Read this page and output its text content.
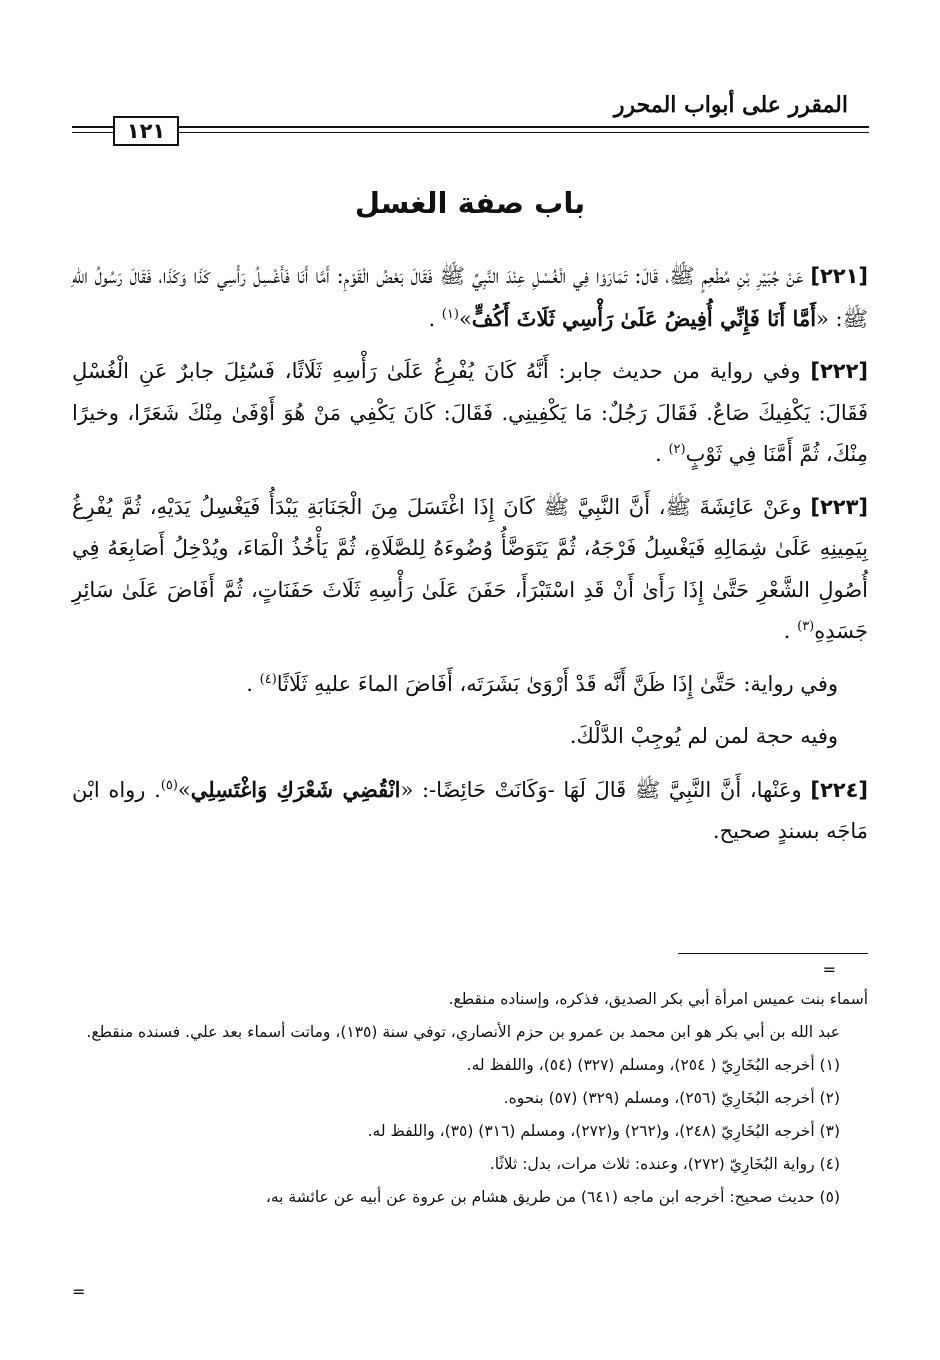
المقرر على أبواب المحرر
١٢١
باب صفة الغسل

[٢٢١] عَنْ جُبَيْرِ بْنِ مُطْعِمٍ ﷺ، قَالَ: تَمَارَوْا فِي الْغُسْلِ عِنْدَ النَّبِيِّ ﷺ فَقَالَ بَعْضُ الْقَوْمِ: أَمَّا أَنَا فَأَغْسِلُ رَأْسِي كَذَا وَكَذَا، فَقَالَ رَسُولُ اللهِ ﷺ: «أَمَّا أَنَا فَإِنِّي أُفِيضُ عَلَىٰ رَأْسِي ثَلَاثَ أَكُفٍّ»$^{(١)}$ .

[٢٢٢] وفي رواية من حديث جابر: أَنَّهُ كَانَ يُفْرِغُ عَلَىٰ رَأْسِهِ ثَلَاثًا، فَسُئِلَ جابرٌ عَنِ الْغُسْلِ فَقَالَ: يَكْفِيكَ صَاعٌ. فَقَالَ رَجُلٌ: مَا يَكْفِينِي. فَقَالَ: كَانَ يَكْفِي مَنْ هُوَ أَوْفَىٰ مِنْكَ شَعَرًا، وخيرًا مِنْكَ، ثُمَّ أَمَّنَا فِي ثَوْبٍ$^{(٢)}$ .

[٢٢٣] وعَنْ عَائِشَةَ ﷺ، أَنَّ النَّبِيَّ ﷺ كَانَ إِذَا اغْتَسَلَ مِنَ الْجَنَابَةِ يَبْدَأُ فَيَغْسِلُ يَدَيْهِ، ثُمَّ يُفْرِغُ بِيَمِينِهِ عَلَىٰ شِمَالِهِ فَيَغْسِلُ فَرْجَهُ، ثُمَّ يَتَوَضَّأُ وُضُوءَهُ لِلصَّلَاةِ، ثُمَّ يَأْخُذُ الْمَاءَ، ويُدْخِلُ أَصَابِعَهُ فِي أُصُولِ الشَّعْرِ حَتَّىٰ إِذَا رَأَىٰ أَنْ قَدِ اسْتَبْرَأَ، حَفَنَ عَلَىٰ رَأْسِهِ ثَلَاثَ حَفَنَاتٍ، ثُمَّ أَفَاضَ عَلَىٰ سَائِرِ جَسَدِهِ$^{(٣)}$ .

وفي رواية: حَتَّىٰ إِذَا ظَنَّ أَنَّه قَدْ أَرْوَىٰ بَشَرَتَه، أَفَاضَ الماءَ عليهِ ثَلَاثًا$^{(٤)}$ .

وفيه حجة لمن لم يُوجِبْ الدَّلْكَ.

[٢٢٤] وعَنْها، أَنَّ النَّبِيَّ ﷺ قَالَ لَهَا -وَكَانَتْ حَائِضًا-: «انْقُضِي شَعْرَكِ وَاغْتَسِلِي»$^{(٥)}$. رواه ابْن مَاجَه بسندٍ صحيح.

=

أسماء بنت عميس امرأة أبي بكر الصديق، فذكره، وإسناده منقطع.

عبد الله بن أبي بكر هو ابن محمد بن عمرو بن حزم الأنصاري، توفي سنة (١٣٥)، وماتت أسماء بعد علي. فسنده منقطع.

(١) أخرجه البُخَارِيّ ( ٢٥٤)، ومسلم (٣٢٧) (٥٤)، واللفظ له.

(٢) أخرجه البُخَارِيّ (٢٥٦)، ومسلم (٣٢٩) (٥٧) بنحوه.

(٣) أخرجه البُخَارِيّ (٢٤٨)، و(٢٦٢) و(٢٧٢)، ومسلم (٣١٦) (٣٥)، واللفظ له.

(٤) رواية البُخَارِيّ (٢٧٢)، وعنده: ثلاث مرات، بدل: ثلاثًا.

(٥) حديث صحيح: أخرجه ابن ماجه (٦٤١) من طريق هشام بن عروة عن أبيه عن عائشة به،

=
